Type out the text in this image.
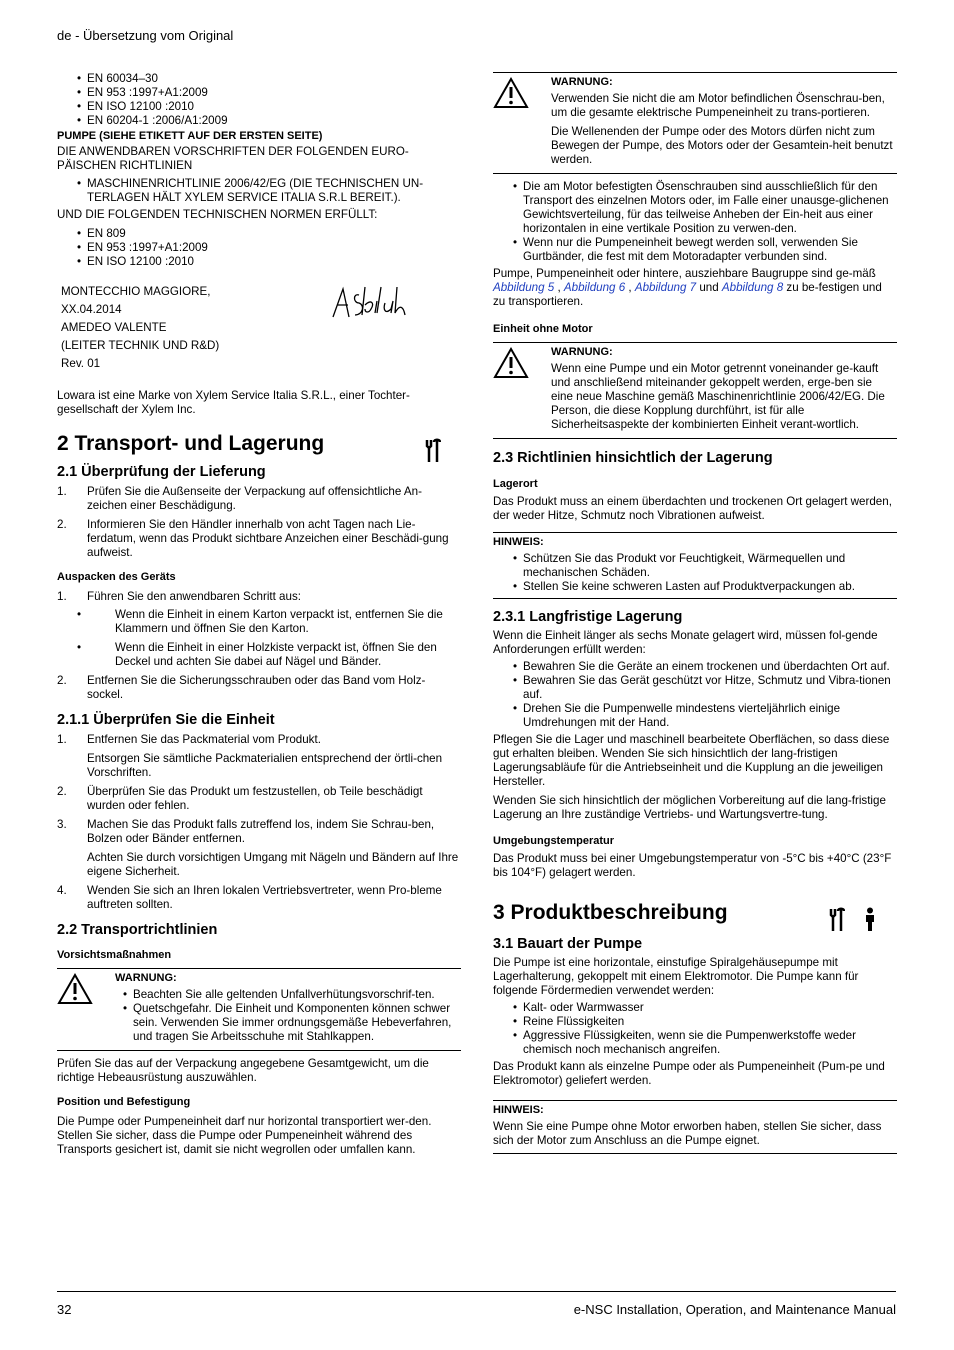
de - Übersetzung vom Original
• EN 60034–30
• EN 953 :1997+A1:2009
• EN ISO 12100 :2010
• EN 60204-1 :2006/A1:2009
PUMPE (SIEHE ETIKETT AUF DER ERSTEN SEITE)
DIE ANWENDBAREN VORSCHRIFTEN DER FOLGENDEN EURO-PÄISCHEN RICHTLINIEN
• MASCHINENRICHTLINIE 2006/42/EG (DIE TECHNISCHEN UN-TERLAGEN HÄLT XYLEM SERVICE ITALIA S.R.L BEREIT.).
UND DIE FOLGENDEN TECHNISCHEN NORMEN ERFÜLLT:
• EN 809
• EN 953 :1997+A1:2009
• EN ISO 12100 :2010
MONTECCHIO MAGGIORE,
XX.04.2014
AMEDEO VALENTE
(LEITER TECHNIK UND R&D)
Rev. 01
Lowara ist eine Marke von Xylem Service Italia S.R.L., einer Tochter-gesellschaft der Xylem Inc.
2 Transport- und Lagerung
2.1 Überprüfung der Lieferung
1. Prüfen Sie die Außenseite der Verpackung auf offensichtliche An-zeichen einer Beschädigung.
2. Informieren Sie den Händler innerhalb von acht Tagen nach Lie-ferdatum, wenn das Produkt sichtbare Anzeichen einer Beschädi-gung aufweist.
Auspacken des Geräts
1. Führen Sie den anwendbaren Schritt aus:
• Wenn die Einheit in einem Karton verpackt ist, entfernen Sie die Klammern und öffnen Sie den Karton.
• Wenn die Einheit in einer Holzkiste verpackt ist, öffnen Sie den Deckel und achten Sie dabei auf Nägel und Bänder.
2. Entfernen Sie die Sicherungsschrauben oder das Band vom Holz-sockel.
2.1.1 Überprüfen Sie die Einheit
1. Entfernen Sie das Packmaterial vom Produkt.
Entsorgen Sie sämtliche Packmaterialien entsprechend der örtli-chen Vorschriften.
2. Überprüfen Sie das Produkt um festzustellen, ob Teile beschädigt wurden oder fehlen.
3. Machen Sie das Produkt falls zutreffend los, indem Sie Schrau-ben, Bolzen oder Bänder entfernen.
Achten Sie durch vorsichtigen Umgang mit Nägeln und Bändern auf Ihre eigene Sicherheit.
4. Wenden Sie sich an Ihren lokalen Vertriebsvertreter, wenn Pro-bleme auftreten sollten.
2.2 Transportrichtlinien
Vorsichtsmaßnahmen
WARNUNG:
• Beachten Sie alle geltenden Unfallverhütungsvorschrif-ten.
• Quetschgefahr. Die Einheit und Komponenten können schwer sein. Verwenden Sie immer ordnungsgemäße Hebeverfahren, und tragen Sie Arbeitsschuhe mit Stahlkappen.
Prüfen Sie das auf der Verpackung angegebene Gesamtgewicht, um die richtige Hebeausrüstung auszuwählen.
Position und Befestigung
Die Pumpe oder Pumpeneinheit darf nur horizontal transportiert wer-den. Stellen Sie sicher, dass die Pumpe oder Pumpeneinheit während des Transports gesichert ist, damit sie nicht wegrollen oder umfallen kann.
WARNUNG:
Verwenden Sie nicht die am Motor befindlichen Ösenschrau-ben, um die gesamte elektrische Pumpeneinheit zu trans-portieren.
Die Wellenenden der Pumpe oder des Motors dürfen nicht zum Bewegen der Pumpe, des Motors oder der Gesamtein-heit benutzt werden.
• Die am Motor befestigten Ösenschrauben sind ausschließlich für den Transport des einzelnen Motors oder, im Falle einer unausge-glichenen Gewichtsverteilung, für das teilweise Anheben der Ein-heit aus einer horizontalen in eine vertikale Position zu verwen-den.
• Wenn nur die Pumpeneinheit bewegt werden soll, verwenden Sie Gurtbänder, die fest mit dem Motoradapter verbunden sind.
Pumpe, Pumpeneinheit oder hintere, ausziehbare Baugruppe sind ge-mäß Abbildung 5 , Abbildung 6 , Abbildung 7 und Abbildung 8 zu be-festigen und zu transportieren.
Einheit ohne Motor
WARNUNG:
Wenn eine Pumpe und ein Motor getrennt voneinander ge-kauft und anschließend miteinander gekoppelt werden, erge-ben sie eine neue Maschine gemäß Maschinenrichtlinie 2006/42/EG. Die Person, die diese Kopplung durchführt, ist für alle Sicherheitsaspekte der kombinierten Einheit verant-wortlich.
2.3 Richtlinien hinsichtlich der Lagerung
Lagerort
Das Produkt muss an einem überdachten und trockenen Ort gelagert werden, der weder Hitze, Schmutz noch Vibrationen aufweist.
HINWEIS:
• Schützen Sie das Produkt vor Feuchtigkeit, Wärmequellen und mechanischen Schäden.
• Stellen Sie keine schweren Lasten auf Produktverpackungen ab.
2.3.1 Langfristige Lagerung
Wenn die Einheit länger als sechs Monate gelagert wird, müssen fol-gende Anforderungen erfüllt werden:
• Bewahren Sie die Geräte an einem trockenen und überdachten Ort auf.
• Bewahren Sie das Gerät geschützt vor Hitze, Schmutz und Vibra-tionen auf.
• Drehen Sie die Pumpenwelle mindestens vierteljährlich einige Umdrehungen mit der Hand.
Pflegen Sie die Lager und maschinell bearbeitete Oberflächen, so dass diese gut erhalten bleiben. Wenden Sie sich hinsichtlich der lang-fristigen Lagerungsabläufe für die Antriebseinheit und die Kupplung an die jeweiligen Hersteller.
Wenden Sie sich hinsichtlich der möglichen Vorbereitung auf die lang-fristige Lagerung an Ihre zuständige Vertriebs- und Wartungsvertre-tung.
Umgebungstemperatur
Das Produkt muss bei einer Umgebungstemperatur von -5°C bis +40°C (23°F bis 104°F) gelagert werden.
3 Produktbeschreibung
3.1 Bauart der Pumpe
Die Pumpe ist eine horizontale, einstufige Spiralgehäusepumpe mit Lagerhalterung, gekoppelt mit einem Elektromotor. Die Pumpe kann für folgende Fördermedien verwendet werden:
• Kalt- oder Warmwasser
• Reine Flüssigkeiten
• Aggressive Flüssigkeiten, wenn sie die Pumpenwerkstoffe weder chemisch noch mechanisch angreifen.
Das Produkt kann als einzelne Pumpe oder als Pumpeneinheit (Pum-pe und Elektromotor) geliefert werden.
HINWEIS:
Wenn Sie eine Pumpe ohne Motor erworben haben, stellen Sie sicher, dass sich der Motor zum Anschluss an die Pumpe eignet.
32	e-NSC Installation, Operation, and Maintenance Manual
